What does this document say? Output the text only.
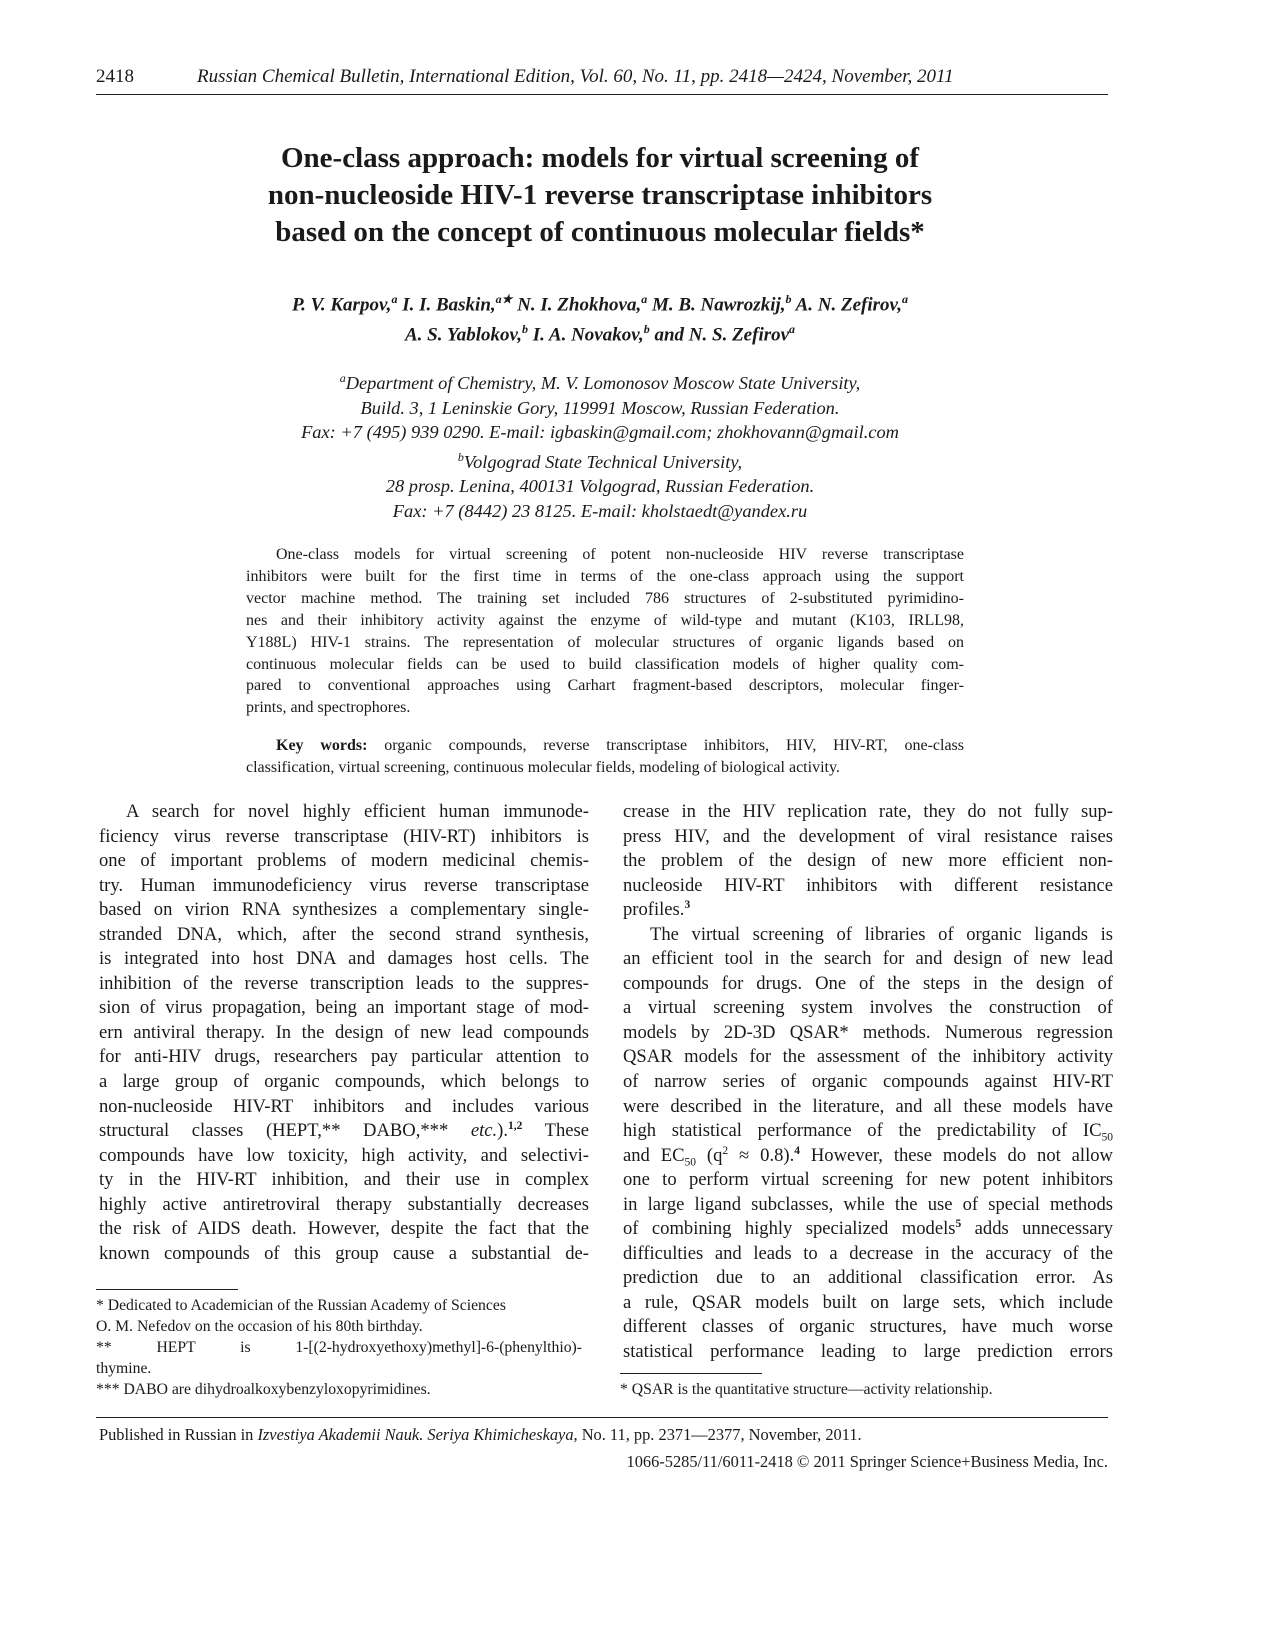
2418	Russian Chemical Bulletin, International Edition, Vol. 60, No. 11, pp. 2418—2424, November, 2011
One-class approach: models for virtual screening of
non-nucleoside HIV-1 reverse transcriptase inhibitors
based on the concept of continuous molecular fields*
P. V. Karpov,$^a$ I. I. Baskin,$^{a★}$ N. I. Zhokhova,$^a$ M. B. Nawrozkij,$^b$ A. N. Zefirov,$^a$
A. S. Yablokov,$^b$ I. A. Novakov,$^b$ and N. S. Zefirov$^a$
$^a$Department of Chemistry, M. V. Lomonosov Moscow State University,
Build. 3, 1 Leninskie Gory, 119991 Moscow, Russian Federation.
Fax: +7 (495) 939 0290. E-mail: igbaskin@gmail.com; zhokhovann@gmail.com
$^b$Volgograd State Technical University,
28 prosp. Lenina, 400131 Volgograd, Russian Federation.
Fax: +7 (8442) 23 8125. E-mail: kholstaedt@yandex.ru
One-class models for virtual screening of potent non-nucleoside HIV reverse transcriptase
inhibitors were built for the first time in terms of the one-class approach using the support
vector machine method. The training set included 786 structures of 2-substituted pyrimidino-
nes and their inhibitory activity against the enzyme of wild-type and mutant (K103, IRLL98,
Y188L) HIV-1 strains. The representation of molecular structures of organic ligands based on
continuous molecular fields can be used to build classification models of higher quality com-
pared to conventional approaches using Carhart fragment-based descriptors, molecular finger-
prints, and spectrophores.
Key words: organic compounds, reverse transcriptase inhibitors, HIV, HIV-RT, one-class
classification, virtual screening, continuous molecular fields, modeling of biological activity.
A search for novel highly efficient human immunode-
ficiency virus reverse transcriptase (HIV-RT) inhibitors is
one of important problems of modern medicinal chemis-
try. Human immunodeficiency virus reverse transcriptase
based on virion RNA synthesizes a complementary single-
stranded DNA, which, after the second strand synthesis,
is integrated into host DNA and damages host cells. The
inhibition of the reverse transcription leads to the suppres-
sion of virus propagation, being an important stage of mod-
ern antiviral therapy. In the design of new lead compounds
for anti-HIV drugs, researchers pay particular attention to
a large group of organic compounds, which belongs to
non-nucleoside HIV-RT inhibitors and includes various
structural classes (HEPT,** DABO,*** etc.).$^{1,2}$ These
compounds have low toxicity, high activity, and selectivi-
ty in the HIV-RT inhibition, and their use in complex
highly active antiretroviral therapy substantially decreases
the risk of AIDS death. However, despite the fact that the
known compounds of this group cause a substantial de-
* Dedicated to Academician of the Russian Academy of Sciences
O. M. Nefedov on the occasion of his 80th birthday.
** HEPT is 1-[(2-hydroxyethoxy)methyl]-6-(phenylthio)-
thymine.
*** DABO are dihydroalkoxybenzyloxopyrimidines.
crease in the HIV replication rate, they do not fully sup-
press HIV, and the development of viral resistance raises
the problem of the design of new more efficient non-
nucleoside HIV-RT inhibitors with different resistance
profiles.$^3$
The virtual screening of libraries of organic ligands is
an efficient tool in the search for and design of new lead
compounds for drugs. One of the steps in the design of
a virtual screening system involves the construction of
models by 2D-3D QSAR* methods. Numerous regression
QSAR models for the assessment of the inhibitory activity
of narrow series of organic compounds against HIV-RT
were described in the literature, and all these models have
high statistical performance of the predictability of $IC_{50}$
and $EC_{50}$ $(q^2 \approx 0.8).^4$ However, these models do not allow
one to perform virtual screening for new potent inhibitors
in large ligand subclasses, while the use of special methods
of combining highly specialized models$^5$ adds unnecessary
difficulties and leads to a decrease in the accuracy of the
prediction due to an additional classification error. As
a rule, QSAR models built on large sets, which include
different classes of organic structures, have much worse
statistical performance leading to large prediction errors
* QSAR is the quantitative structure—activity relationship.
Published in Russian in Izvestiya Akademii Nauk. Seriya Khimicheskaya, No. 11, pp. 2371—2377, November, 2011.
1066-5285/11/6011-2418 © 2011 Springer Science+Business Media, Inc.
